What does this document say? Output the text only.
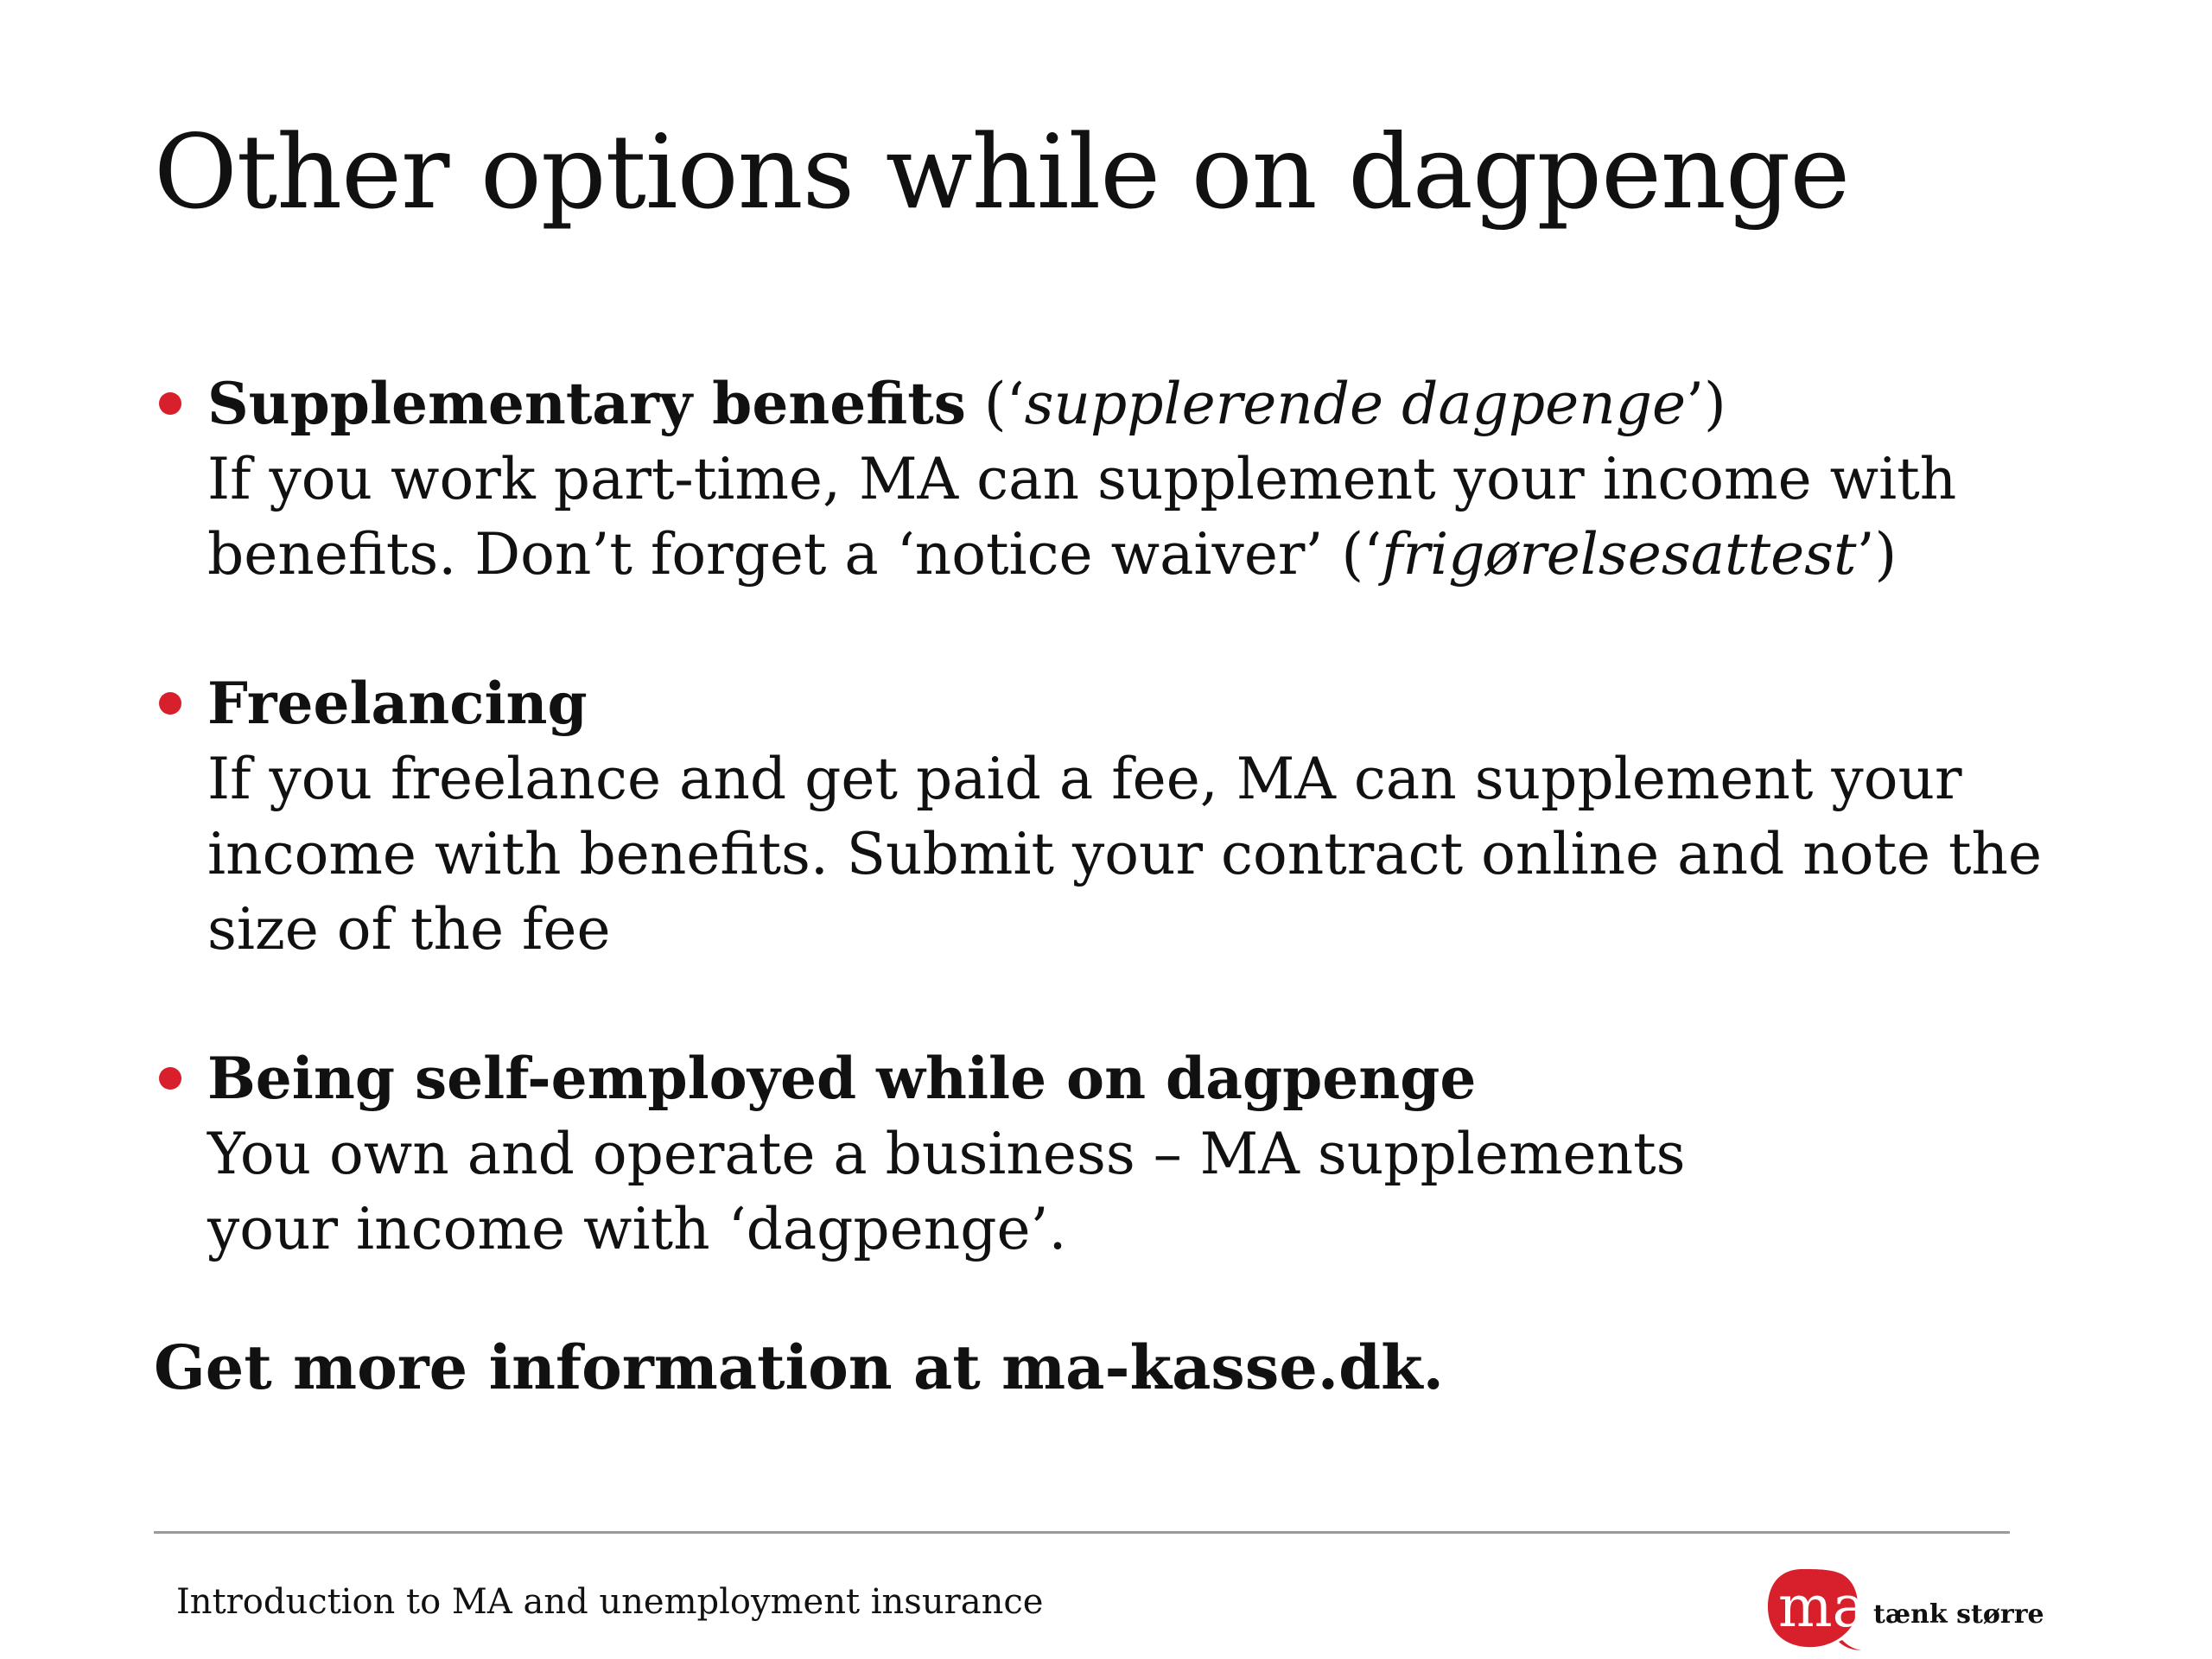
Other options while on dagpenge
Supplementary benefits (‘supplerende dagpenge’)
If you work part-time, MA can supplement your income with
benefits. Don’t forget a ‘notice waiver’ (‘frigørelsesattest’)
Freelancing
If you freelance and get paid a fee, MA can supplement your
income with benefits. Submit your contract online and note the
size of the fee
Being self-employed while on dagpenge
You own and operate a business – MA supplements
your income with ‘dagpenge’.
Get more information at ma-kasse.dk.
Introduction to MA and unemployment insurance	ma tænk større
